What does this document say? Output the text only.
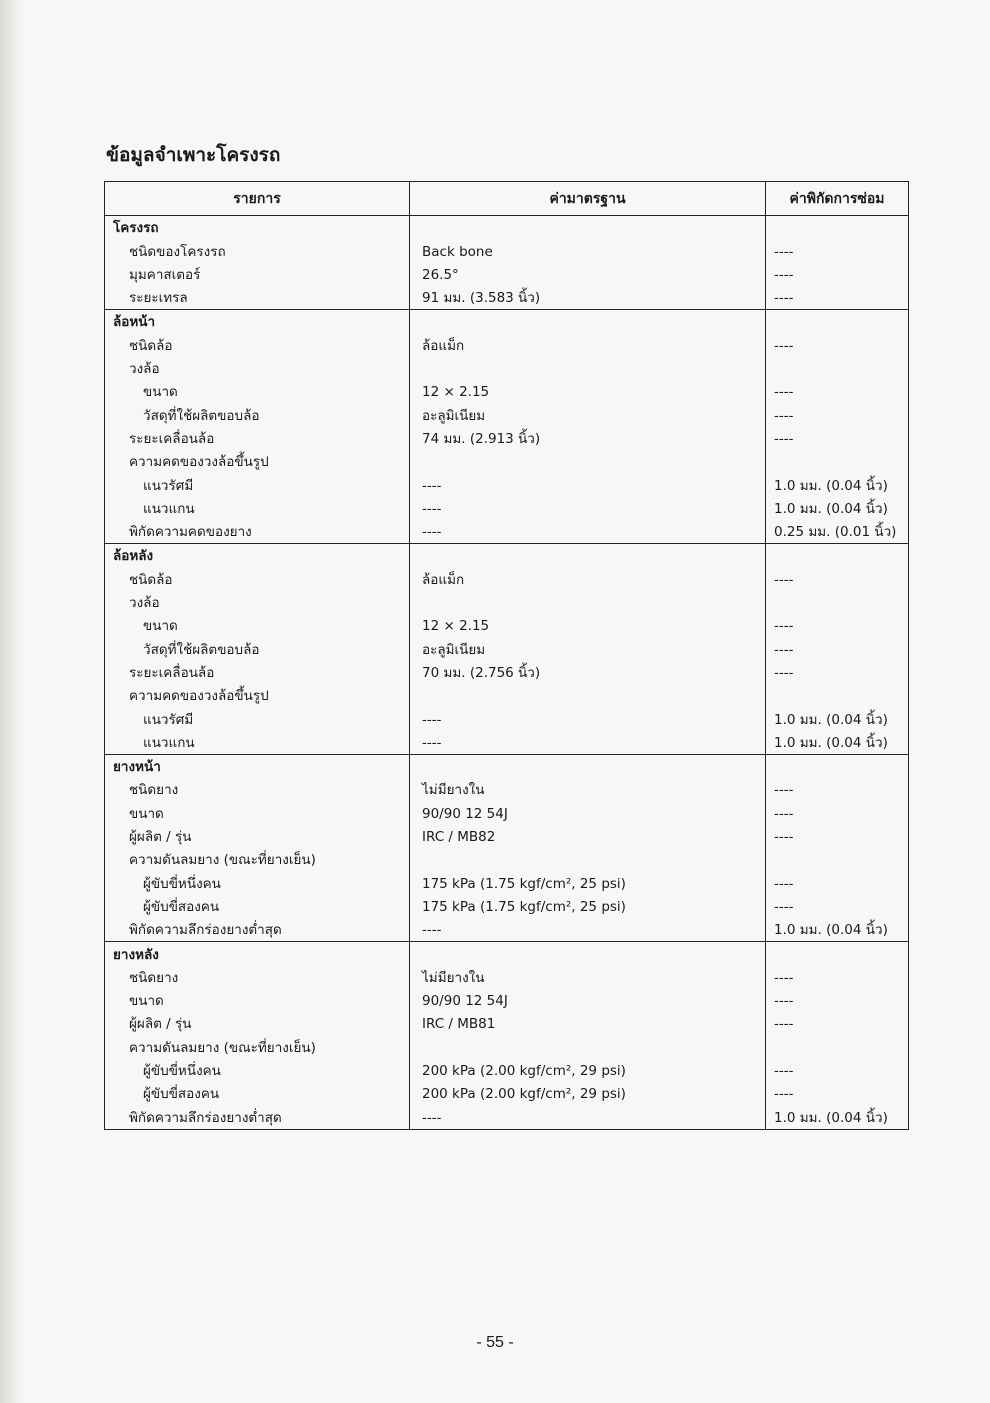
ข้อมูลจำเพาะโครงรถ
รายการ	ค่ามาตรฐาน	ค่าพิกัดการซ่อม
โครงรถ		
ชนิดของโครงรถ	Back bone	----
มุมคาสเตอร์	26.5°	----
ระยะเทรล	91 มม. (3.583 นิ้ว)	----
ล้อหน้า		
ชนิดล้อ	ล้อแม็ก	----
วงล้อ		
ขนาด	12 × 2.15	----
วัสดุที่ใช้ผลิตขอบล้อ	อะลูมิเนียม	----
ระยะเคลื่อนล้อ	74 มม. (2.913 นิ้ว)	----
ความคดของวงล้อขึ้นรูป		
แนวรัศมี	----	1.0 มม. (0.04 นิ้ว)
แนวแกน	----	1.0 มม. (0.04 นิ้ว)
พิกัดความคดของยาง	----	0.25 มม. (0.01 นิ้ว)
ล้อหลัง		
ชนิดล้อ	ล้อแม็ก	----
วงล้อ		
ขนาด	12 × 2.15	----
วัสดุที่ใช้ผลิตขอบล้อ	อะลูมิเนียม	----
ระยะเคลื่อนล้อ	70 มม. (2.756 นิ้ว)	----
ความคดของวงล้อขึ้นรูป		
แนวรัศมี	----	1.0 มม. (0.04 นิ้ว)
แนวแกน	----	1.0 มม. (0.04 นิ้ว)
ยางหน้า		
ชนิดยาง	ไม่มียางใน	----
ขนาด	90/90 12 54J	----
ผู้ผลิต / รุ่น	IRC / MB82	----
ความดันลมยาง (ขณะที่ยางเย็น)		
ผู้ขับขี่หนึ่งคน	175 kPa (1.75 kgf/cm², 25 psi)	----
ผู้ขับขี่สองคน	175 kPa (1.75 kgf/cm², 25 psi)	----
พิกัดความลึกร่องยางต่ำสุด	----	1.0 มม. (0.04 นิ้ว)
ยางหลัง		
ชนิดยาง	ไม่มียางใน	----
ขนาด	90/90 12 54J	----
ผู้ผลิต / รุ่น	IRC / MB81	----
ความดันลมยาง (ขณะที่ยางเย็น)		
ผู้ขับขี่หนึ่งคน	200 kPa (2.00 kgf/cm², 29 psi)	----
ผู้ขับขี่สองคน	200 kPa (2.00 kgf/cm², 29 psi)	----
พิกัดความลึกร่องยางต่ำสุด	----	1.0 มม. (0.04 นิ้ว)
- 55 -
